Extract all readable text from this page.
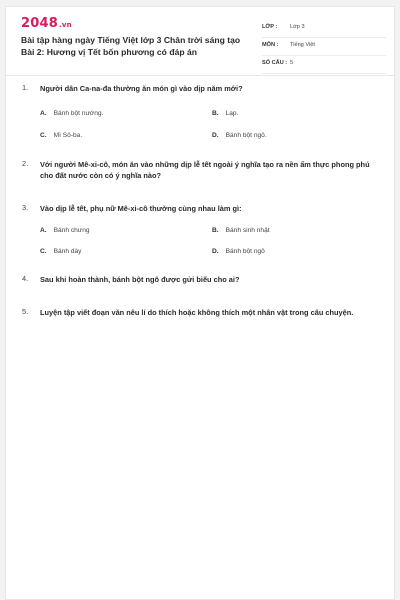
2048.vn
Bài tập hàng ngày Tiếng Việt lớp 3 Chân trời sáng tạo Bài 2: Hương vị Tết bốn phương có đáp án
LỚP : Lớp 3
MÔN : Tiếng Việt
SỐ CÂU : 5
1. Người dân Ca-na-đa thường ăn món gì vào dịp năm mới?
A. Bánh bột nướng.	B. Lạp.
C. Mì Sô-ba.	D. Bánh bột ngô.
2. Với người Mê-xi-cô, món ăn vào những dịp lễ tết ngoài ý nghĩa tạo ra nền ẩm thực phong phú cho đất nước còn có ý nghĩa nào?
3. Vào dịp lễ tết, phụ nữ Mê-xi-cô thường cùng nhau làm gì:
A. Bánh chưng	B. Bánh sinh nhật
C. Bánh dày	D. Bánh bột ngô
4. Sau khi hoàn thành, bánh bột ngô được gửi biếu cho ai?
5. Luyện tập viết đoạn văn nêu lí do thích hoặc không thích một nhân vật trong câu chuyện.
